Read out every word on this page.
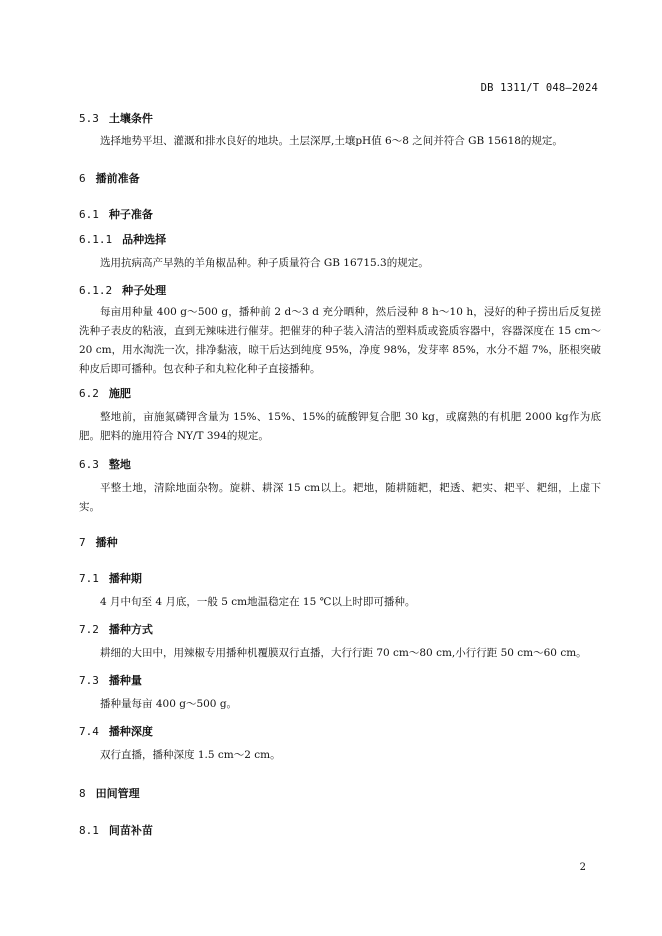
DB 1311/T 048—2024
5.3 土壤条件
选择地势平坦、灌溉和排水良好的地块。土层深厚,土壤pH值 6～8 之间并符合 GB 15618的规定。
6 播前准备
6.1 种子准备
6.1.1 品种选择
选用抗病高产早熟的羊角椒品种。种子质量符合 GB 16715.3的规定。
6.1.2 种子处理
每亩用种量 400 g～500 g，播种前 2 d～3 d 充分晒种，然后浸种 8 h～10 h，浸好的种子捞出后反复搓洗种子表皮的粘液，直到无辣味进行催芽。把催芽的种子装入清洁的塑料质或瓷质容器中，容器深度在 15 cm～20 cm，用水淘洗一次，排净黏液，晾干后达到纯度 95%，净度 98%，发芽率 85%，水分不超 7%，胚根突破种皮后即可播种。包衣种子和丸粒化种子直接播种。
6.2 施肥
整地前，亩施氮磷钾含量为 15%、15%、15%的硫酸钾复合肥 30 kg，或腐熟的有机肥 2000 kg作为底肥。肥料的施用符合 NY/T 394的规定。
6.3 整地
平整土地，清除地面杂物。旋耕、耕深 15 cm以上。耙地，随耕随耙，耙透、耙实、耙平、耙细，上虚下实。
7 播种
7.1 播种期
4 月中旬至 4 月底，一般 5 cm地温稳定在 15 ℃以上时即可播种。
7.2 播种方式
耕细的大田中，用辣椒专用播种机覆膜双行直播，大行行距 70 cm～80 cm,小行行距 50 cm～60 cm。
7.3 播种量
播种量每亩 400 g～500 g。
7.4 播种深度
双行直播，播种深度 1.5 cm～2 cm。
8 田间管理
8.1 间苗补苗
2
